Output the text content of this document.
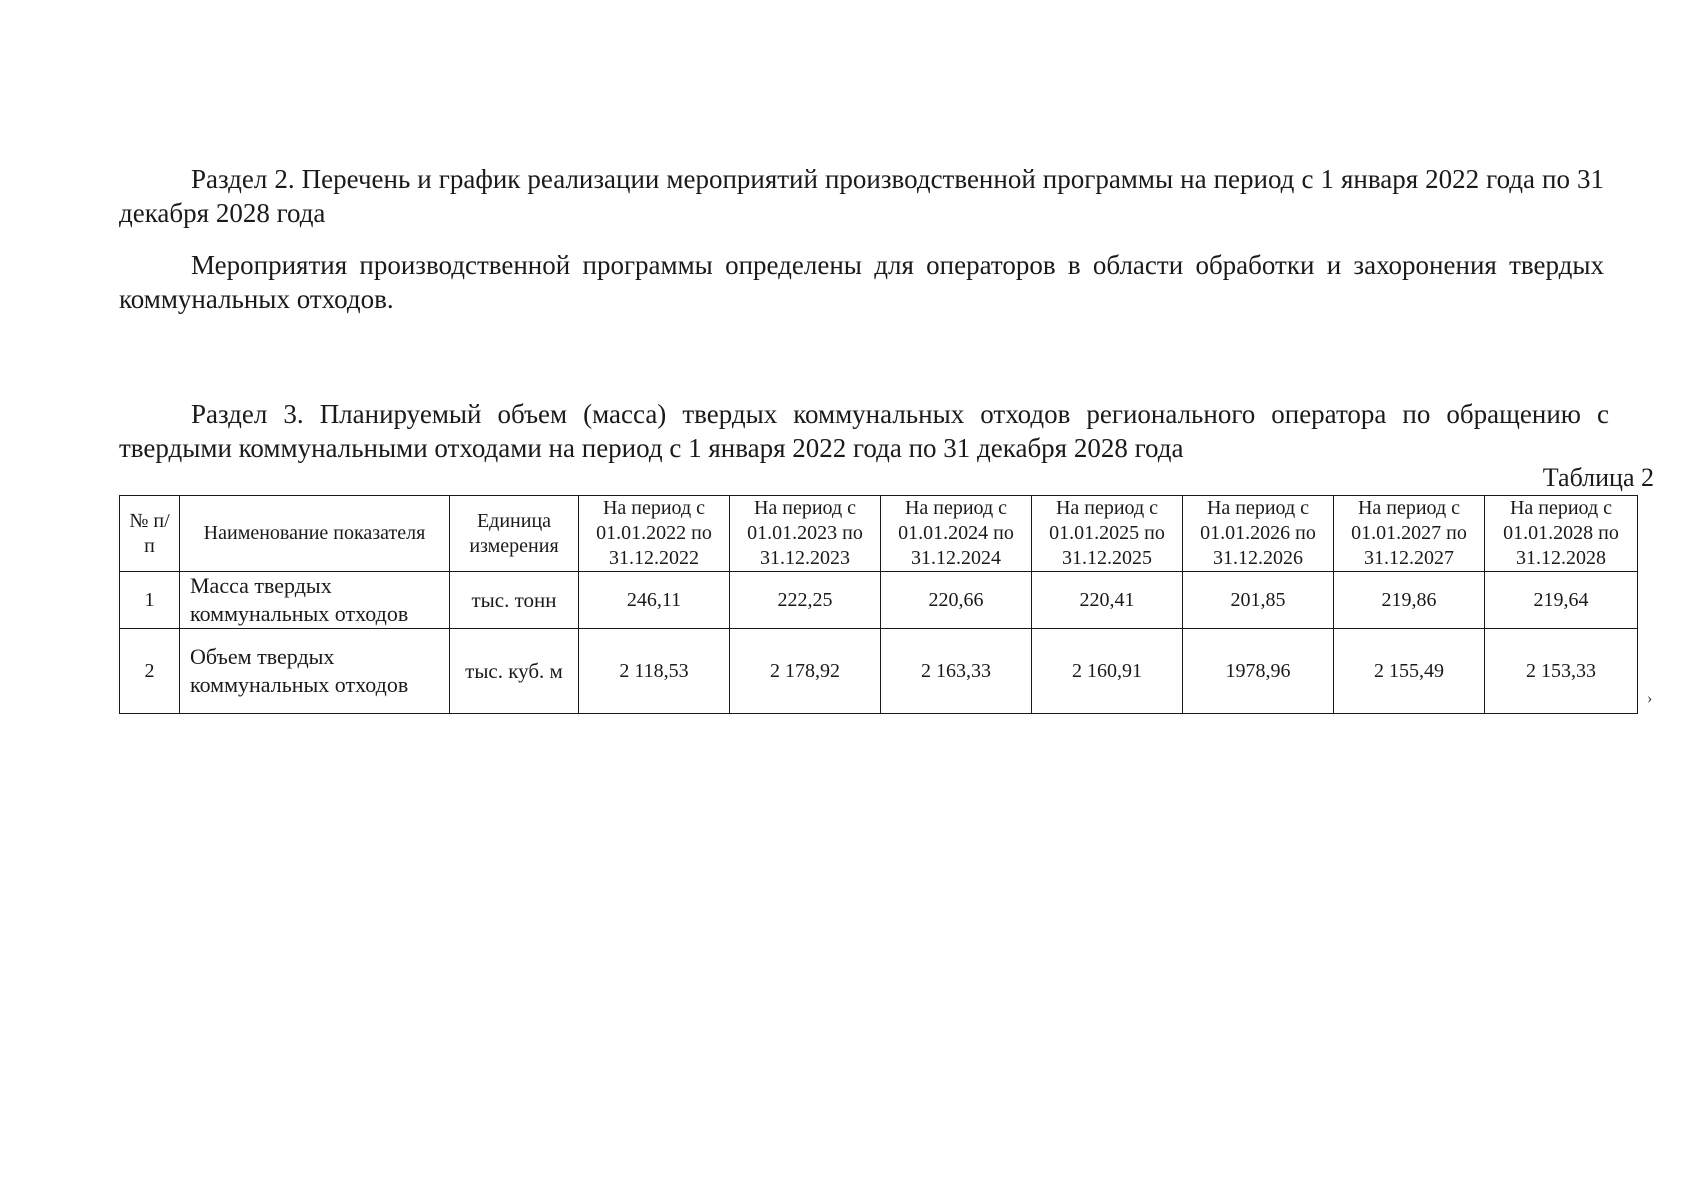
Раздел 2. Перечень и график реализации мероприятий производственной программы на период с 1 января 2022 года по 31 декабря 2028 года

Мероприятия производственной программы определены для операторов в области обработки и захоронения твердых коммунальных отходов.

Раздел 3. Планируемый объем (масса) твердых коммунальных отходов регионального оператора по обращению с твердыми коммунальными отходами на период с 1 января 2022 года по 31 декабря 2028 года

Таблица 2
№ п/п	Наименование показателя	Единица измерения	На период с 01.01.2022 по 31.12.2022	На период с 01.01.2023 по 31.12.2023	На период с 01.01.2024 по 31.12.2024	На период с 01.01.2025 по 31.12.2025	На период с 01.01.2026 по 31.12.2026	На период с 01.01.2027 по 31.12.2027	На период с 01.01.2028 по 31.12.2028
1	Масса твердых коммунальных отходов	тыс. тонн	246,11	222,25	220,66	220,41	201,85	219,86	219,64
2	Объем твердых коммунальных отходов	тыс. куб. м	2 118,53	2 178,92	2 163,33	2 160,91	1978,96	2 155,49	2 153,33
›
